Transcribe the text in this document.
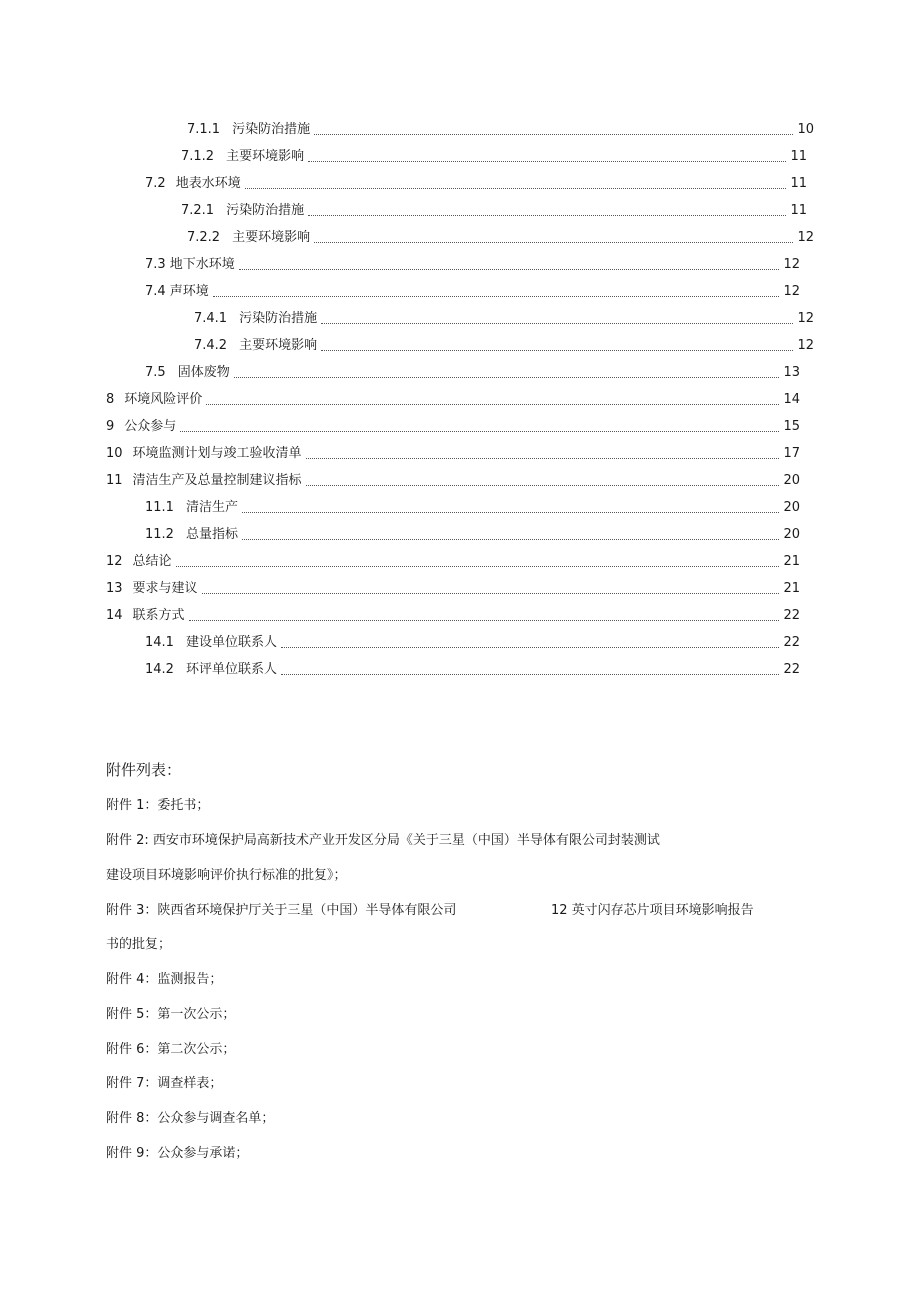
7.1.1 污染防治措施	10
7.1.2 主要环境影响	11
7.2 地表水环境	11
7.2.1 污染防治措施	11
7.2.2 主要环境影响	12
7.3 地下水环境	12
7.4 声环境	12
7.4.1 污染防治措施	12
7.4.2 主要环境影响	12
7.5 固体废物	13
8 环境风险评价	14
9 公众参与	15
10 环境监测计划与竣工验收清单	17
11 清洁生产及总量控制建议指标	20
11.1 清洁生产	20
11.2 总量指标	20
12 总结论	21
13 要求与建议	21
14 联系方式	22
14.1 建设单位联系人	22
14.2 环评单位联系人	22
附件列表：
附件 1：委托书；
附件 2: 西安市环境保护局高新技术产业开发区分局《关于三星（中国）半导体有限公司封装测试
建设项目环境影响评价执行标准的批复》；
附件 3：陕西省环境保护厅关于三星（中国）半导体有限公司	12 英寸闪存芯片项目环境影响报告
书的批复；
附件 4：监测报告；
附件 5：第一次公示；
附件 6：第二次公示；
附件 7：调查样表；
附件 8：公众参与调查名单；
附件 9：公众参与承诺；
